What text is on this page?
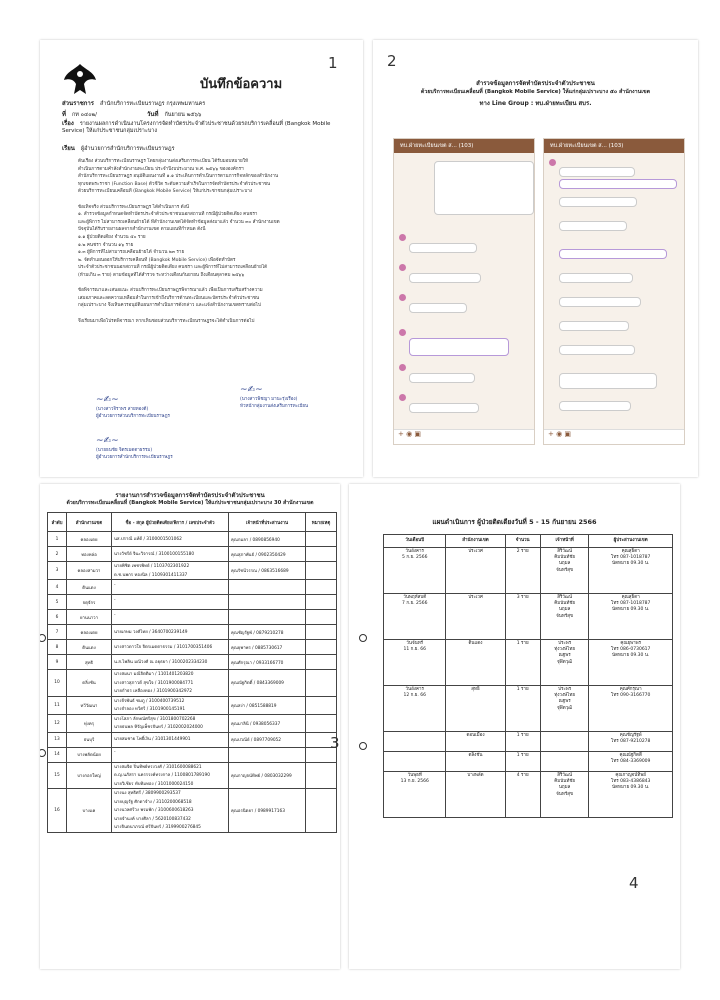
1
บันทึกข้อความ
ส่วนราชการ สำนักบริการทะเบียนราษฎร กรุงเทพมหานคร
ที่ กท ๐๔๐๒/	วันที่ กันยายน ๒๕๖๖
เรื่อง รายงานผลการดำเนินงานโครงการจัดทำบัตรประจำตัวประชาชนด้วยรถบริการเคลื่อนที่ (Bangkok Mobile Service) ให้แก่ประชาชนกลุ่มเปราะบาง
เรียน ผู้อำนวยการสำนักบริการทะเบียนราษฎร
ต้นเรื่อง ส่วนบริการทะเบียนราษฎร โดยกลุ่มงานส่งเสริมการทะเบียน ได้รับมอบหมายให้
ดำเนินการตามคำสั่งสำนักงานทะเบียน ประจำปีงบประมาณ พ.ศ. ๒๕๖๖ ขององค์กรฯ
สำนักบริการทะเบียนราษฎร อนุมัติแผนงานที่ ๑.๑ ประเด็นการดำเนินการตามภารกิจหลักของสำนักงาน
ทุกเขตพระราชา (Function Base) ตัวชี้วัด ระดับความสำเร็จในการจัดทำบัตรประจำตัวประชาชน
ด้วยบริการทะเบียนเคลื่อนที่ (Bangkok Mobile Service) ให้แก่ประชาชนกลุ่มเปราะบาง
ข้อเท็จจริง ส่วนบริการทะเบียนราษฎร ได้ดำเนินการ ดังนี้
๑. สำรวจข้อมูลกำหนดจัดทำบัตรประจำตัวประชาชนนอกสถานที่ กรณีผู้ป่วยติดเตียง คนชรา
และผู้พิการ ไม่สามารถเคลื่อนย้ายได้ ที่สำนักงานเขตได้จัดทำข้อมูลส่งมาแล้ว จำนวน ๓๐ สำนักงานเขต
ปัจจุบันได้รับรายงานผลจากสำนักงานเขต ตามแผนที่กำหนด ดังนี้
๑.๑ ผู้ป่วยติดเตียง จำนวน ๕๐ ราย
๑.๒ คนชรา จำนวน ๑๖ ราย
๑.๓ ผู้พิการที่ไม่สามารถเคลื่อนย้ายได้ จำนวน ๒๓ ราย
๒. จัดทำแผนออกให้บริการเคลื่อนที่ (Bangkok Mobile Service) เพื่อจัดทำบัตร
ประจำตัวประชาชนนอกสถานที่ กรณีผู้ป่วยติดเตียง คนชรา และผู้พิการที่ไม่สามารถเคลื่อนย้ายได้
(ห้ามเกิน ๓ ราย) ตามข้อมูลที่ได้สำรวจ ระหว่างเดือนกันยายน ถึงเดือนตุลาคม ๒๕๖๖
ข้อพิจารณาและเสนอแนะ ส่วนบริการทะเบียนราษฎรพิจารณาแล้ว เพื่อเป็นการเสริมสร้างความ
เสมอภาคและลดความเหลื่อมล้ำในการเข้าถึงบริการด้านทะเบียนและบัตรประจำตัวประชาชน
กลุ่มเปราะบาง จึงเห็นควรอนุมัติแผนการดำเนินการดังกล่าว และแจ้งสำนักงานเขตทราบต่อไป
จึงเรียนมาเพื่อโปรดพิจารณา หากเห็นชอบส่วนบริการทะเบียนราษฎรจะได้ดำเนินการต่อไป
~✍~
(นางสาวจิราพร สายทองดี)
ผู้อำนวยการส่วนบริการทะเบียนราษฎร
~✍~
(นายธนชัย จิตรเมตตาธรรม)
ผู้อำนวยการสำนักบริการทะเบียนราษฎร
~✍~
(นางสาวพิชญา มานะรุ่งเรือง)
หัวหน้ากลุ่มงานส่งเสริมการทะเบียน
2
สำรวจข้อมูลการจัดทำบัตรประจำตัวประชาชน
ด้วยบริการทะเบียนเคลื่อนที่ (Bangkok Mobile Service) ให้แก่กลุ่มเปราะบาง ๕๐ สำนักงานเขต
ทาง Line Group : ทบ.ฝ่ายทะเบียน สบร.
ทบ.ฝ่ายทะเบียนเขต ส... (103)
+ ◉ ▣
ทบ.ฝ่ายทะเบียนเขต ส... (103)
+ ◉ ▣
รายงานการสำรวจข้อมูลการจัดทำบัตรประจำตัวประชาชน
ด้วยบริการทะเบียนเคลื่อนที่ (Bangkok Mobile Service) ให้แก่ประชาชนกลุ่มเปราะบาง 30 สำนักงานเขต
ลำดับ	สำนักงานเขต	ชื่อ - สกุล ผู้ป่วยติดเตียง/พิการ / เลขประจำตัว	เจ้าหน้าที่ประสานงาน	หมายเหตุ
1	คลองเตย	นส.ปราณี แท้ดี / 3100001501062	คุณกมลา / 0890856940	
2	ทองหล่อ	นางวัชรีย์ จินะวิจารณ์ / 3100100155180	คุณสุภาพันธ์ / 0902350429	
3	คลองสามวา	นายพิชิต เพชรพิทย์ / 1103702301922
ด.ช.นพกร ทองนิล / 1109301411337	คุณรัชนีวรรณ / 0863516689	
4	ดินแดง	-		

5	จตุจักร	-		

6	ยานนาวา	-		

7	คลองเตย	นายเกษม วงศ์ไทย / 3640700239149	คุณชัญรัฐพ์ / 0879210278	
8	ดินแดง	นางสาวดาวใจ จิตรเมตตาธรรม / 3101700351406	คุณยุพาพร / 0885730617	
9	สุทธิ	น.ส.ไพลิน มณีวงศ์ ณ อยุธยา / 3100202334230	คุณศักรุณา / 0933166770	
10	ตลิ่งชัน	นางสมนา มณีจิตติมา / 1101401203820
นางสาวสุภาวดี สุขใจ / 3101900084771
นายกำธร เหลืองทอง / 3101900342972	คุณณัฐกิตติ์ / 0843369009	
11	ทวีวัฒนา	นางจีรพันธ์ ชมภู / 3100400739512
นางจำลอง ทวีศรี / 3101900145191	คุณสง่า / 0851588819	
12	ทุ่งครุ	นางโสภา ลักษณ์ศรีสุข / 3101800702268
นายธนพล หิรัญเพ็ชรจันทร์ / 3102002024000	คุณมาลินี / 0938056337	
13	ธนบุรี	นายสมชาย โพธิ์เงิน / 3101301449901	คุณปวณีย์ / 0897709052	
14	บางพลัดน้อย	-		

15	บางกอกใหญ่	นางสมจิต ปิ่นทิพย์ทรงวงศ์ / 3101600088621
ด.ญ.นภัสรา นครรรงค์ทรงกาล / 1100801789190
นายวิเชียร ทับทิมทอง / 3101000024150	คุณกาญจน์ทิพย์ / 0803032299	
16	บางแค	นางนง สุทธิศรี / 3809900293537
นายบุญรัฐ ศักดาจำง / 3110200068518
นางนวลศรีวง พรมพัก / 3100600618263
นายจำนงค์ บางศิลา / 5620100837432
นางจินตนาภรณ์ ศรีจันทร์ / 3199900276845	คุณอรนิตยา / 0989917163	
3
แผนดำเนินการ ผู้ป่วยติดเตียงวันที่ 5 - 15 กันยายน 2566
วันเดือนปี	สำนักงานเขต	จำนวน	เจ้าหน้าที่	ผู้ประสานงานเขต
วันอังคาร
5 ก.ย. 2566	ประเวศ	2 ราย	สิริวัฒน์
คิมนันท์ชัย
นฤมล
จันทร์สุข	คุณสุธิดา
โทร 087-1018787
นัดหมาย 09.30 น.
วันพฤหัสบดี
7 ก.ย. 2566	ประเวศ	3 ราย	สิริวัฒน์
คิมนันท์ชัย
นฤมล
จันทร์สุข	คุณสุธิดา
โทร 087-1018787
นัดหมาย 09.30 น.
วันจันทร์
11 ก.ย. 66	ดินแดง	1 ราย	ประพร
ทุ่งวงษ์ไทย
ณฐพร
จุฬิตวุฒิ	คุณยุพาพร
โทร 086-0730617
นัดหมาย 09.30 น.
วันอังคาร
12 ก.ย. 66	สุทธิ	1 ราย	ประพร
ทุ่งวงษ์ไทย
ณฐพร
จุฬิตวุฒิ	คุณศักรุณา
โทร 090-3166770
	ดอนเมือง	1 ราย		คุณชัญรัฐพ์
โทร 087-9210278
	ตลิ่งชัน	1 ราย		คุณณัฐกิตติ์
โทร 084-3369009
วันพุธที่
13 ก.ย. 2566	บางพลัด	4 ราย	สิริวัฒน์
คิมนันท์ชัย
นฤมล
จันทร์สุข	คุณกาญจน์ทิพย์
โทร 083-4386843
นัดหมาย 09.30 น.
4
